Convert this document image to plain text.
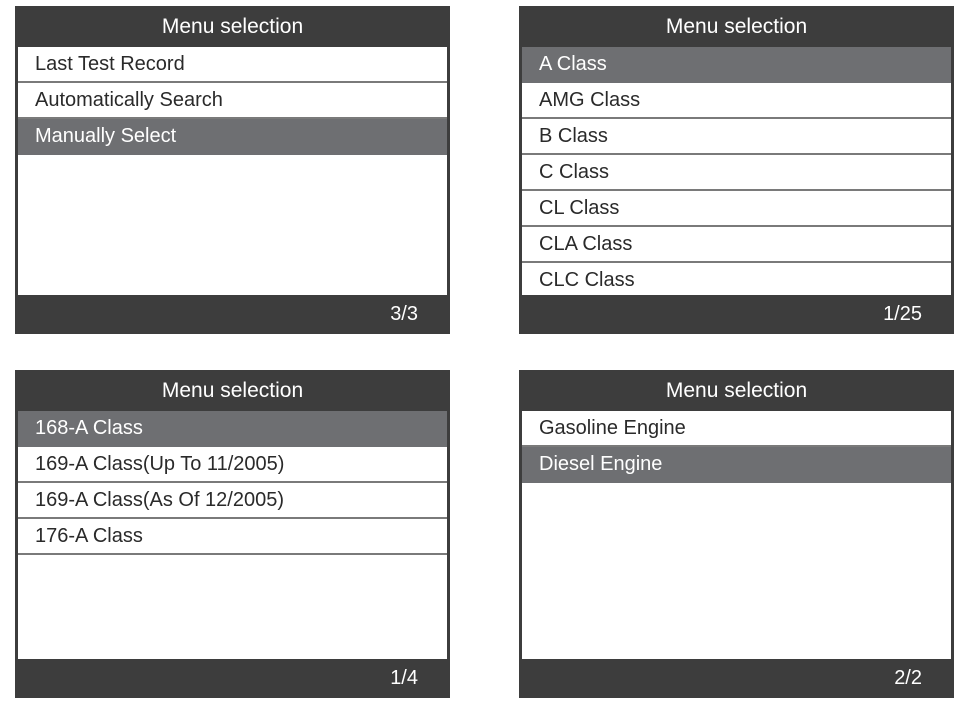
Menu selection
Last Test Record
Automatically Search
Manually Select
3/3
Menu selection
A Class
AMG Class
B Class
C Class
CL Class
CLA Class
CLC Class
1/25
Menu selection
168-A Class
169-A Class(Up To 11/2005)
169-A Class(As Of 12/2005)
176-A Class
1/4
Menu selection
Gasoline Engine
Diesel Engine
2/2
